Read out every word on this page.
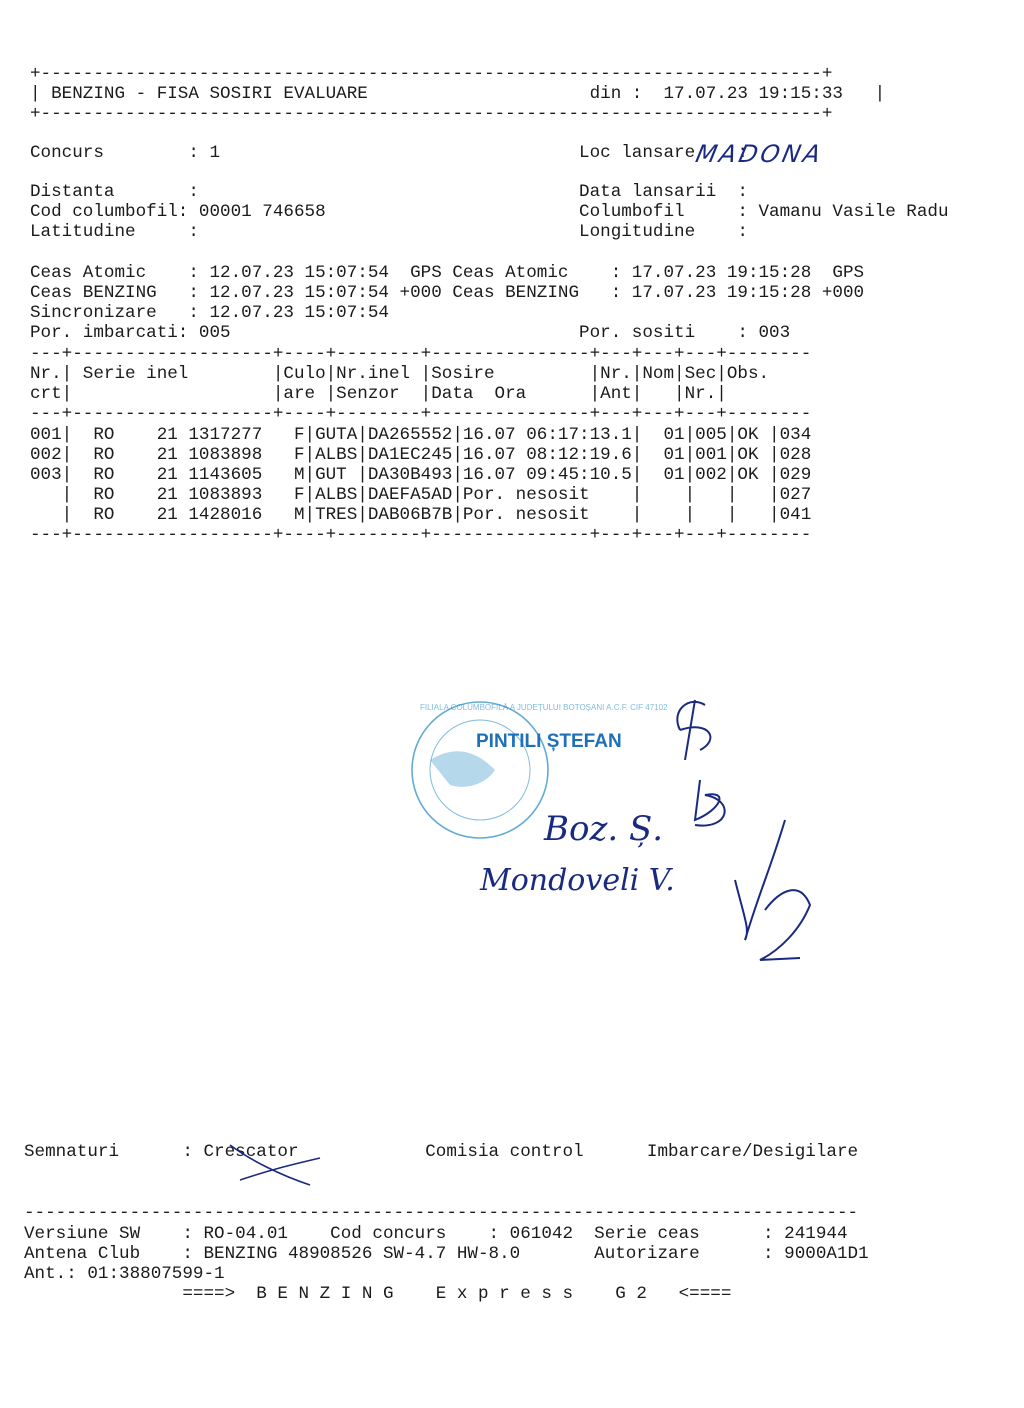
+--------------------------------------------------------------------------+
| BENZING - FISA SOSIRI EVALUARE                     din :  17.07.23 19:15:33   |
+--------------------------------------------------------------------------+
Concurs        : 1                                  Loc lansare    :
Distanta       :                                    Data lansarii  :
Cod columbofil: 00001 746658                        Columbofil     : Vamanu Vasile Radu
Latitudine     :                                    Longitudine    :
Ceas Atomic    : 12.07.23 15:07:54  GPS Ceas Atomic    : 17.07.23 19:15:28  GPS
Ceas BENZING   : 12.07.23 15:07:54 +000 Ceas BENZING   : 17.07.23 19:15:28 +000
Sincronizare   : 12.07.23 15:07:54
Por. imbarcati: 005                                 Por. sositi    : 003
MADONA
---+-------------------+----+--------+---------------+---+---+---+--------
Nr.| Serie inel        |Culo|Nr.inel |Sosire         |Nr.|Nom|Sec|Obs.
crt|                   |are |Senzor  |Data  Ora      |Ant|   |Nr.|
---+-------------------+----+--------+---------------+---+---+---+--------
001|  RO    21 1317277   F|GUTA|DA265552|16.07 06:17:13.1|  01|005|OK |034
002|  RO    21 1083898   F|ALBS|DA1EC245|16.07 08:12:19.6|  01|001|OK |028
003|  RO    21 1143605   M|GUT |DA30B493|16.07 09:45:10.5|  01|002|OK |029
|  RO    21 1083893   F|ALBS|DAEFA5AD|Por. nesosit    |    |   |   |027
|  RO    21 1428016   M|TRES|DAB06B7B|Por. nesosit    |    |   |   |041
---+-------------------+----+--------+---------------+---+---+---+--------
FILIALA COLUMBOFILĂ A JUDEȚULUI BOTOȘANI A.C.F. CIF 47102
PINTILI ȘTEFAN
Boz. Ș.
Mondoveli V.
Semnaturi      : Crescator            Comisia control      Imbarcare/Desigilare
-------------------------------------------------------------------------------
Versiune SW    : RO-04.01    Cod concurs    : 061042  Serie ceas      : 241944
Antena Club    : BENZING 48908526 SW-4.7 HW-8.0       Autorizare      : 9000A1D1
Ant.: 01:38807599-1
====>  B E N Z I N G    E x p r e s s    G 2   <====
